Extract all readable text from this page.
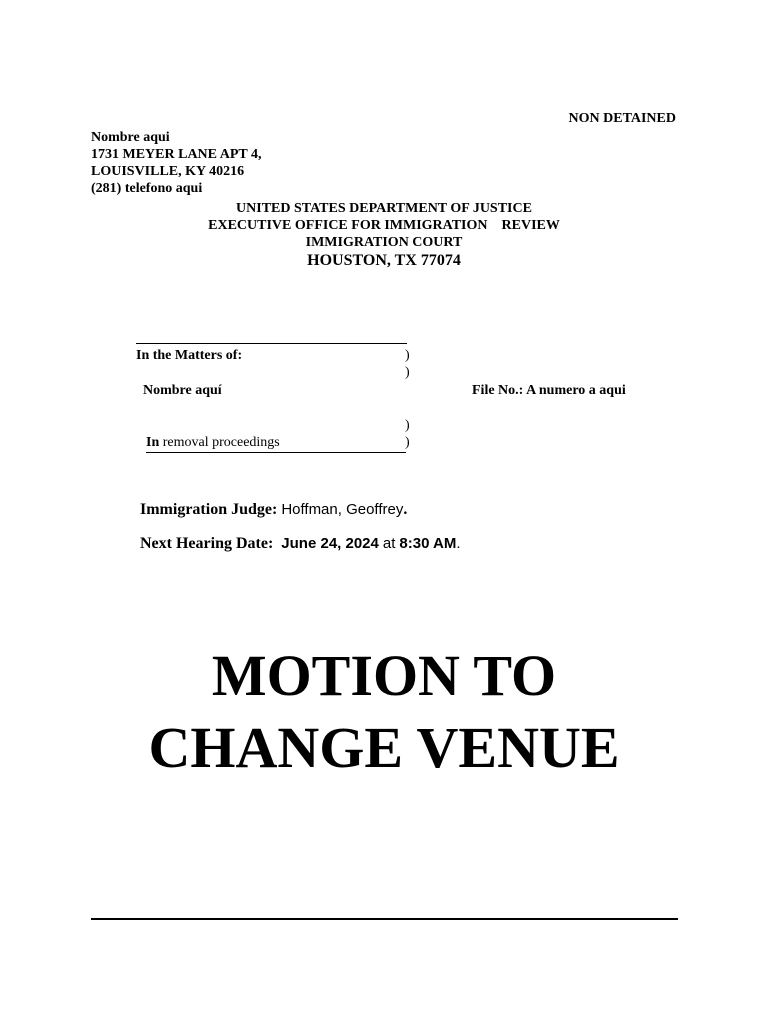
NON DETAINED
Nombre aqui
1731 MEYER LANE APT 4,
LOUISVILLE, KY 40216
(281) telefono aqui
UNITED STATES DEPARTMENT OF JUSTICE
EXECUTIVE OFFICE FOR IMMIGRATION    REVIEW
IMMIGRATION COURT
HOUSTON, TX 77074
In the Matters of:	)
)
Nombre aquí	File No.: A numero a aqui
)
In removal proceedings	)
Immigration Judge: Hoffman, Geoffrey.
Next Hearing Date: June 24, 2024 at 8:30 AM.
MOTION TO
CHANGE VENUE
